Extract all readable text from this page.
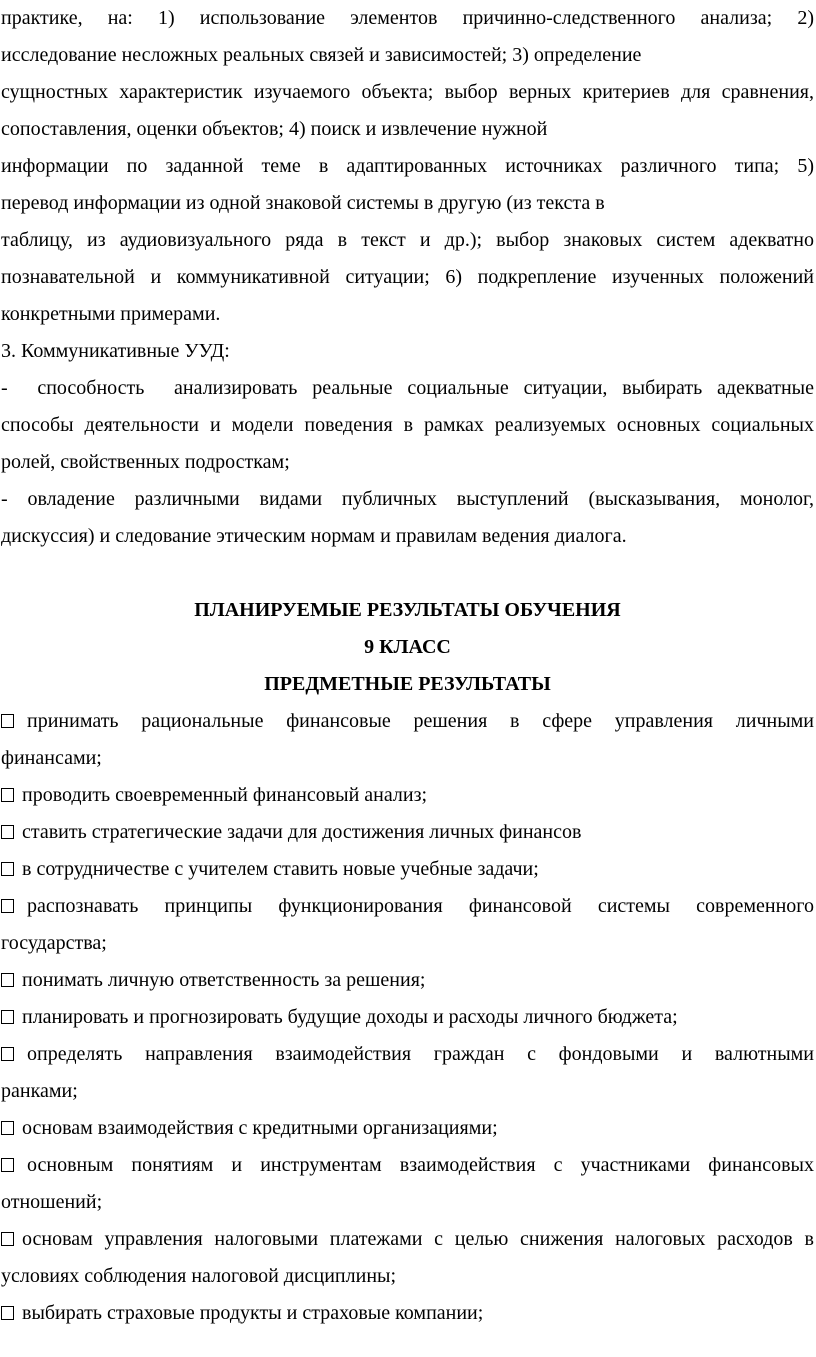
практике, на: 1) использование элементов причинно-следственного анализа; 2)
исследование несложных реальных связей и зависимостей; 3) определение
сущностных характеристик изучаемого объекта; выбор верных критериев для сравнения,
сопоставления, оценки объектов; 4) поиск и извлечение нужной
информации по заданной теме в адаптированных источниках различного типа; 5)
перевод информации из одной знаковой системы в другую (из текста в
таблицу, из аудиовизуального ряда в текст и др.); выбор знаковых систем адекватно
познавательной и коммуникативной ситуации; 6) подкрепление изученных положений
конкретными примерами.

3. Коммуникативные УУД:

-  способность  анализировать реальные социальные ситуации, выбирать адекватные
способы деятельности и модели поведения в рамках реализуемых основных социальных
ролей, свойственных подросткам;

- овладение различными видами публичных выступлений (высказывания, монолог,
дискуссия) и следование этическим нормам и правилам ведения диалога.

ПЛАНИРУЕМЫЕ РЕЗУЛЬТАТЫ ОБУЧЕНИЯ

9 КЛАСС

ПРЕДМЕТНЫЕ РЕЗУЛЬТАТЫ

принимать рациональные финансовые решения в сфере управления личными
финансами;

проводить своевременный финансовый анализ;

ставить стратегические задачи для достижения личных финансов

в сотрудничестве с учителем ставить новые учебные задачи;

распознавать принципы функционирования финансовой системы современного
государства;

понимать личную ответственность за решения;

планировать и прогнозировать будущие доходы и расходы личного бюджета;

определять направления взаимодействия граждан с фондовыми и валютными
ранками;

основам взаимодействия с кредитными организациями;

основным понятиям и инструментам взаимодействия с участниками финансовых
отношений;

основам управления налоговыми платежами с целью снижения налоговых расходов в
условиях соблюдения налоговой дисциплины;

выбирать страховые продукты и страховые компании;
